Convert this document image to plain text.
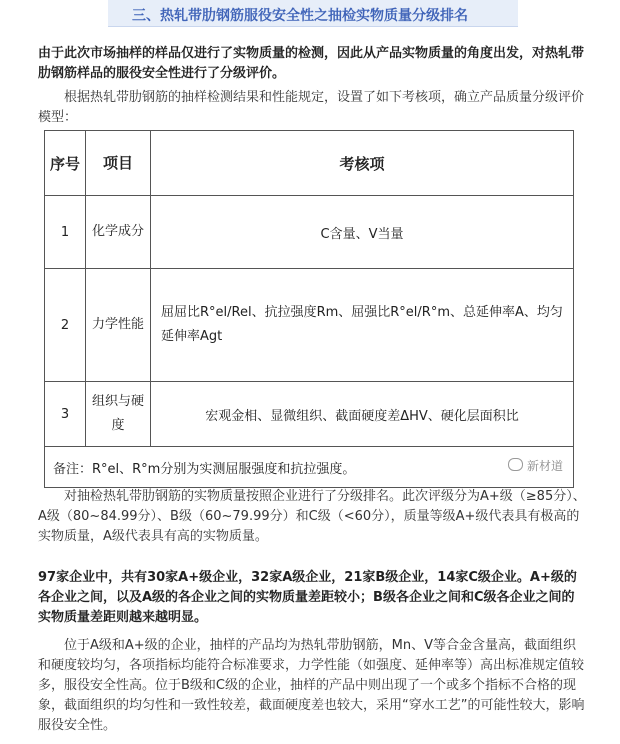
三、热轧带肋钢筋服役安全性之抽检实物质量分级排名

由于此次市场抽样的样品仅进行了实物质量的检测，因此从产品实物质量的角度出发，对热轧带肋钢筋样品的服役安全性进行了分级评价。

根据热轧带肋钢筋的抽样检测结果和性能规定，设置了如下考核项，确立产品质量分级评价模型：

序号	项目	考核项
1	化学成分	C含量、V当量
2	力学性能	屈屈比R°el/Rel、抗拉强度Rm、屈强比R°el/R°m、总延伸率A、均匀延伸率Agt
3	组织与硬度	宏观金相、显微组织、截面硬度差ΔHV、硬化层面积比
备注：R°el、R°m分别为实测屈服强度和抗拉强度。 新材道		

对抽检热轧带肋钢筋的实物质量按照企业进行了分级排名。此次评级分为A+级（≥85分）、A级（80~84.99分）、B级（60~79.99分）和C级（<60分），质量等级A+级代表具有极高的实物质量，A级代表具有高的实物质量。

97家企业中，共有30家A+级企业，32家A级企业，21家B级企业，14家C级企业。A+级的各企业之间，以及A级的各企业之间的实物质量差距较小；B级各企业之间和C级各企业之间的实物质量差距则越来越明显。

位于A级和A+级的企业，抽样的产品均为热轧带肋钢筋，Mn、V等合金含量高，截面组织和硬度较均匀，各项指标均能符合标准要求，力学性能（如强度、延伸率等）高出标准规定值较多，服役安全性高。位于B级和C级的企业，抽样的产品中则出现了一个或多个指标不合格的现象，截面组织的均匀性和一致性较差，截面硬度差也较大，采用“穿水工艺”的可能性较大，影响服役安全性。
